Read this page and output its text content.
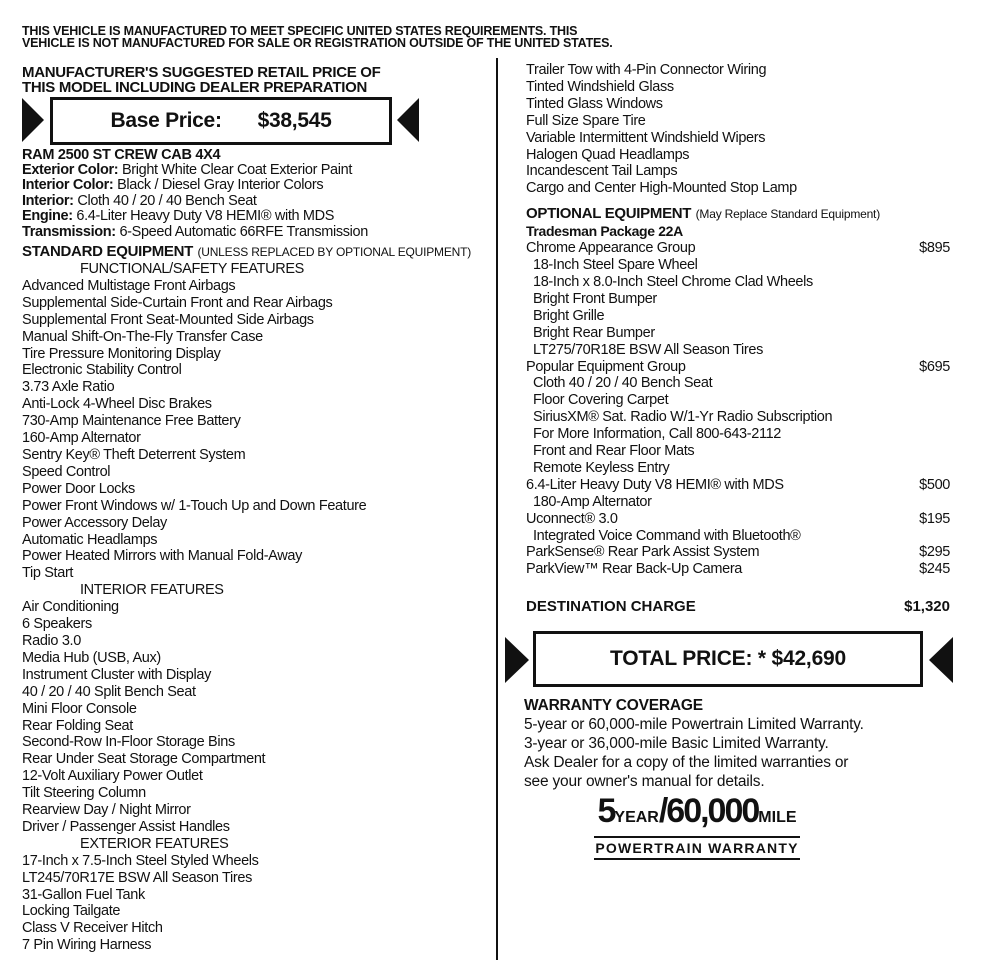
THIS VEHICLE IS MANUFACTURED TO MEET SPECIFIC UNITED STATES REQUIREMENTS. THIS
VEHICLE IS NOT MANUFACTURED FOR SALE OR REGISTRATION OUTSIDE OF THE UNITED STATES.
MANUFACTURER'S SUGGESTED RETAIL PRICE OF
THIS MODEL INCLUDING DEALER PREPARATION
Base Price: $38,545
RAM 2500 ST CREW CAB 4X4
Exterior Color: Bright White Clear Coat Exterior Paint
Interior Color: Black / Diesel Gray Interior Colors
Interior: Cloth 40 / 20 / 40 Bench Seat
Engine: 6.4-Liter Heavy Duty V8 HEMI® with MDS
Transmission: 6-Speed Automatic 66RFE Transmission
STANDARD EQUIPMENT (UNLESS REPLACED BY OPTIONAL EQUIPMENT)
FUNCTIONAL/SAFETY FEATURES
Advanced Multistage Front Airbags
Supplemental Side-Curtain Front and Rear Airbags
Supplemental Front Seat-Mounted Side Airbags
Manual Shift-On-The-Fly Transfer Case
Tire Pressure Monitoring Display
Electronic Stability Control
3.73 Axle Ratio
Anti-Lock 4-Wheel Disc Brakes
730-Amp Maintenance Free Battery
160-Amp Alternator
Sentry Key® Theft Deterrent System
Speed Control
Power Door Locks
Power Front Windows w/ 1-Touch Up and Down Feature
Power Accessory Delay
Automatic Headlamps
Power Heated Mirrors with Manual Fold-Away
Tip Start
INTERIOR FEATURES
Air Conditioning
6 Speakers
Radio 3.0
Media Hub (USB, Aux)
Instrument Cluster with Display
40 / 20 / 40 Split Bench Seat
Mini Floor Console
Rear Folding Seat
Second-Row In-Floor Storage Bins
Rear Under Seat Storage Compartment
12-Volt Auxiliary Power Outlet
Tilt Steering Column
Rearview Day / Night Mirror
Driver / Passenger Assist Handles
EXTERIOR FEATURES
17-Inch x 7.5-Inch Steel Styled Wheels
LT245/70R17E BSW All Season Tires
31-Gallon Fuel Tank
Locking Tailgate
Class V Receiver Hitch
7 Pin Wiring Harness
Trailer Tow with 4-Pin Connector Wiring
Tinted Windshield Glass
Tinted Glass Windows
Full Size Spare Tire
Variable Intermittent Windshield Wipers
Halogen Quad Headlamps
Incandescent Tail Lamps
Cargo and Center High-Mounted Stop Lamp
OPTIONAL EQUIPMENT (May Replace Standard Equipment)
Tradesman Package 22A
Chrome Appearance Group	$895
18-Inch Steel Spare Wheel
18-Inch x 8.0-Inch Steel Chrome Clad Wheels
Bright Front Bumper
Bright Grille
Bright Rear Bumper
LT275/70R18E BSW All Season Tires
Popular Equipment Group	$695
Cloth 40 / 20 / 40 Bench Seat
Floor Covering Carpet
SiriusXM® Sat. Radio W/1-Yr Radio Subscription
For More Information, Call 800-643-2112
Front and Rear Floor Mats
Remote Keyless Entry
6.4-Liter Heavy Duty V8 HEMI® with MDS	$500
180-Amp Alternator
Uconnect® 3.0	$195
Integrated Voice Command with Bluetooth®
ParkSense® Rear Park Assist System	$295
ParkView™ Rear Back-Up Camera	$245
DESTINATION CHARGE	$1,320
TOTAL PRICE: * $42,690
WARRANTY COVERAGE
5-year or 60,000-mile Powertrain Limited Warranty.
3-year or 36,000-mile Basic Limited Warranty.
Ask Dealer for a copy of the limited warranties or
see your owner's manual for details.
5YEAR/60,000MILE
POWERTRAIN WARRANTY
